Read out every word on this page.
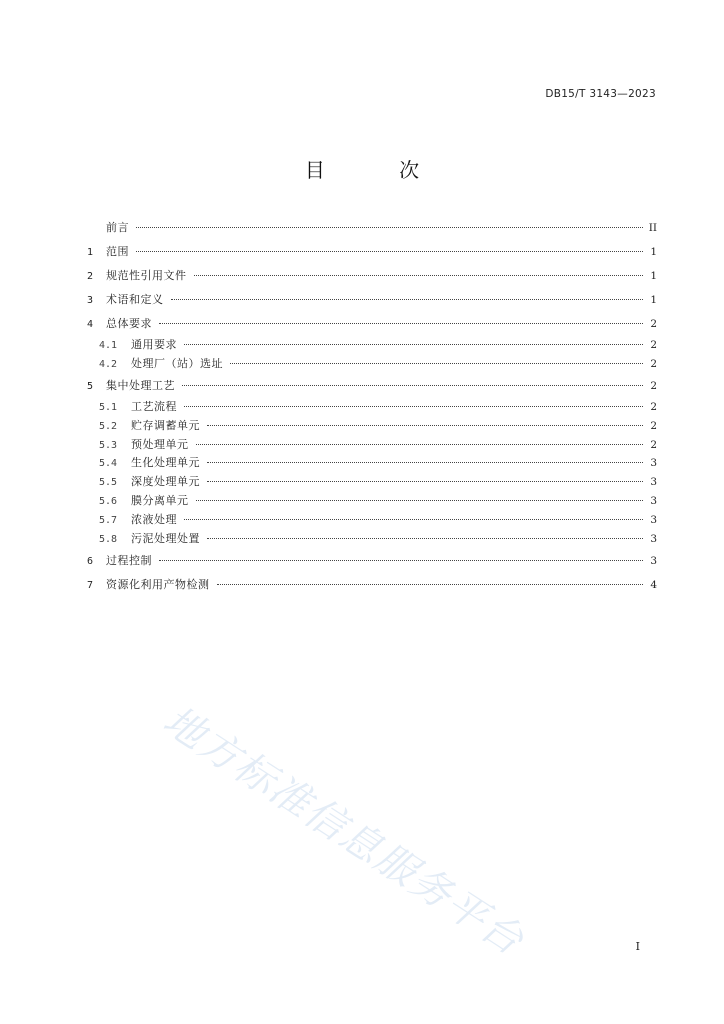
DB15/T 3143—2023
目 次
前言	II
1	范围	1
2	规范性引用文件	1
3	术语和定义	1
4	总体要求	2
4.1	通用要求	2
4.2	处理厂（站）选址	2
5	集中处理工艺	2
5.1	工艺流程	2
5.2	贮存调蓄单元	2
5.3	预处理单元	2
5.4	生化处理单元	3
5.5	深度处理单元	3
5.6	膜分离单元	3
5.7	浓液处理	3
5.8	污泥处理处置	3
6	过程控制	3
7	资源化利用产物检测	4
地方标准信息服务平台	I
